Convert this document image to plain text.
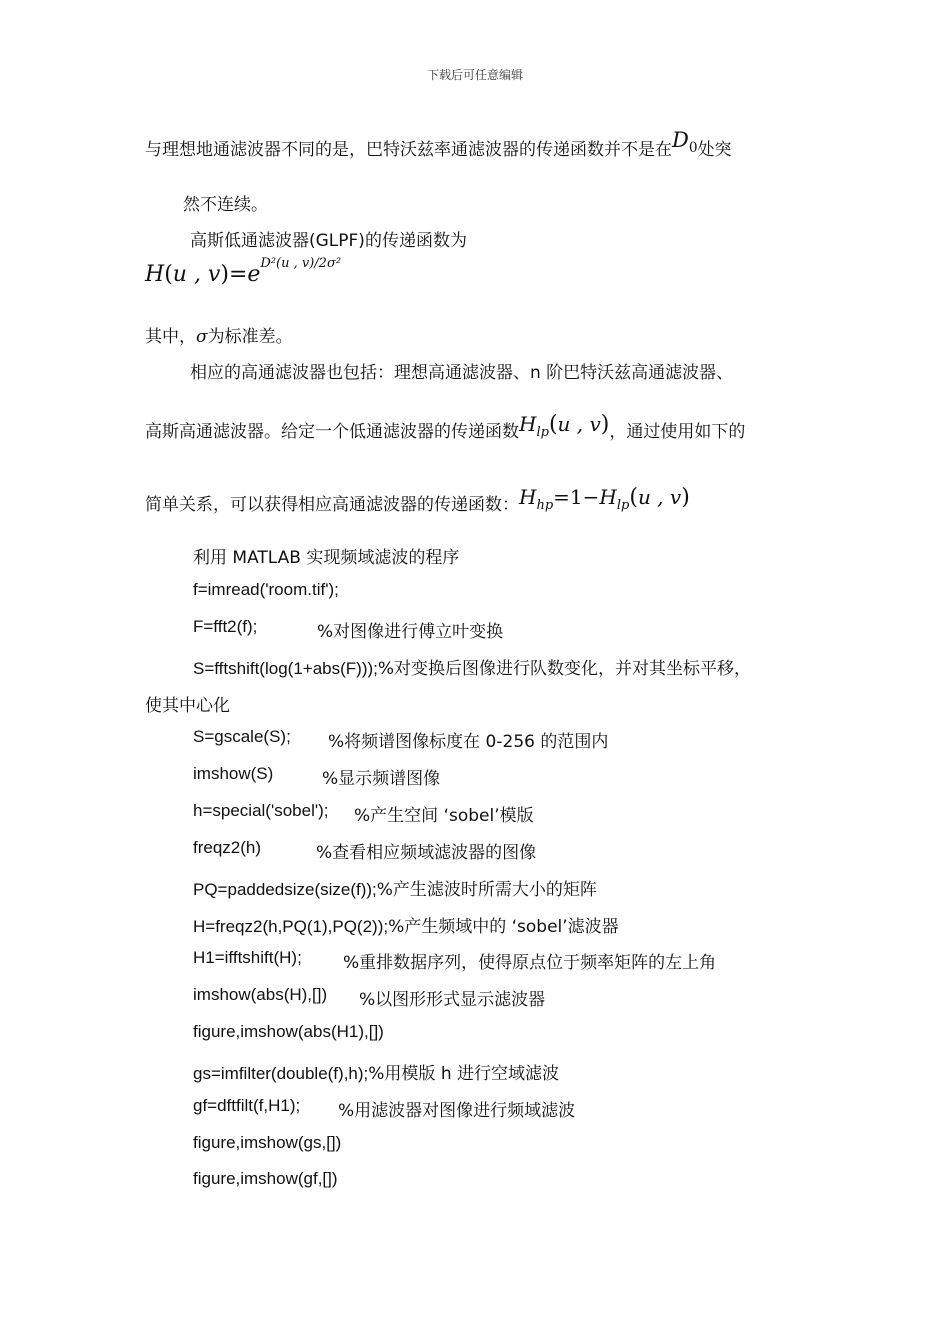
下载后可任意编辑
与理想地通滤波器不同的是，巴特沃兹率通滤波器的传递函数并不是在$D_0$处突
然不连续。
高斯低通滤波器(GLPF)的传递函数为
H(u , $v)=e^{D^2(u , v)/2\sigma^2}$
其中，σ为标准差。
相应的高通滤波器也包括：理想高通滤波器、n 阶巴特沃兹高通滤波器、
高斯高通滤波器。给定一个低通滤波器的传递函数$H_{lp}(u$ , v)，通过使用如下的
简单关系，可以获得相应高通滤波器的传递函数：$H_{hp}=1-H_{lp}(u$ , v)
利用 MATLAB 实现频域滤波的程序
f=imread('room.tif');
F=fft2(f);	%对图像进行傅立叶变换
S=fftshift(log(1+abs(F)));%对变换后图像进行队数变化，并对其坐标平移，
使其中心化
S=gscale(S); %将频谱图像标度在 0-256 的范围内
imshow(S)	%显示频谱图像
h=special('sobel'); %产生空间 ‘sobel’模版
freqz2(h)	%查看相应频域滤波器的图像
PQ=paddedsize(size(f));%产生滤波时所需大小的矩阵
H=freqz2(h,PQ(1),PQ(2));%产生频域中的 ‘sobel’滤波器
H1=ifftshift(H); %重排数据序列，使得原点位于频率矩阵的左上角
imshow(abs(H),[]) %以图形形式显示滤波器
figure,imshow(abs(H1),[])
gs=imfilter(double(f),h);%用模版 h 进行空域滤波
gf=dftfilt(f,H1); %用滤波器对图像进行频域滤波
figure,imshow(gs,[])
figure,imshow(gf,[])
